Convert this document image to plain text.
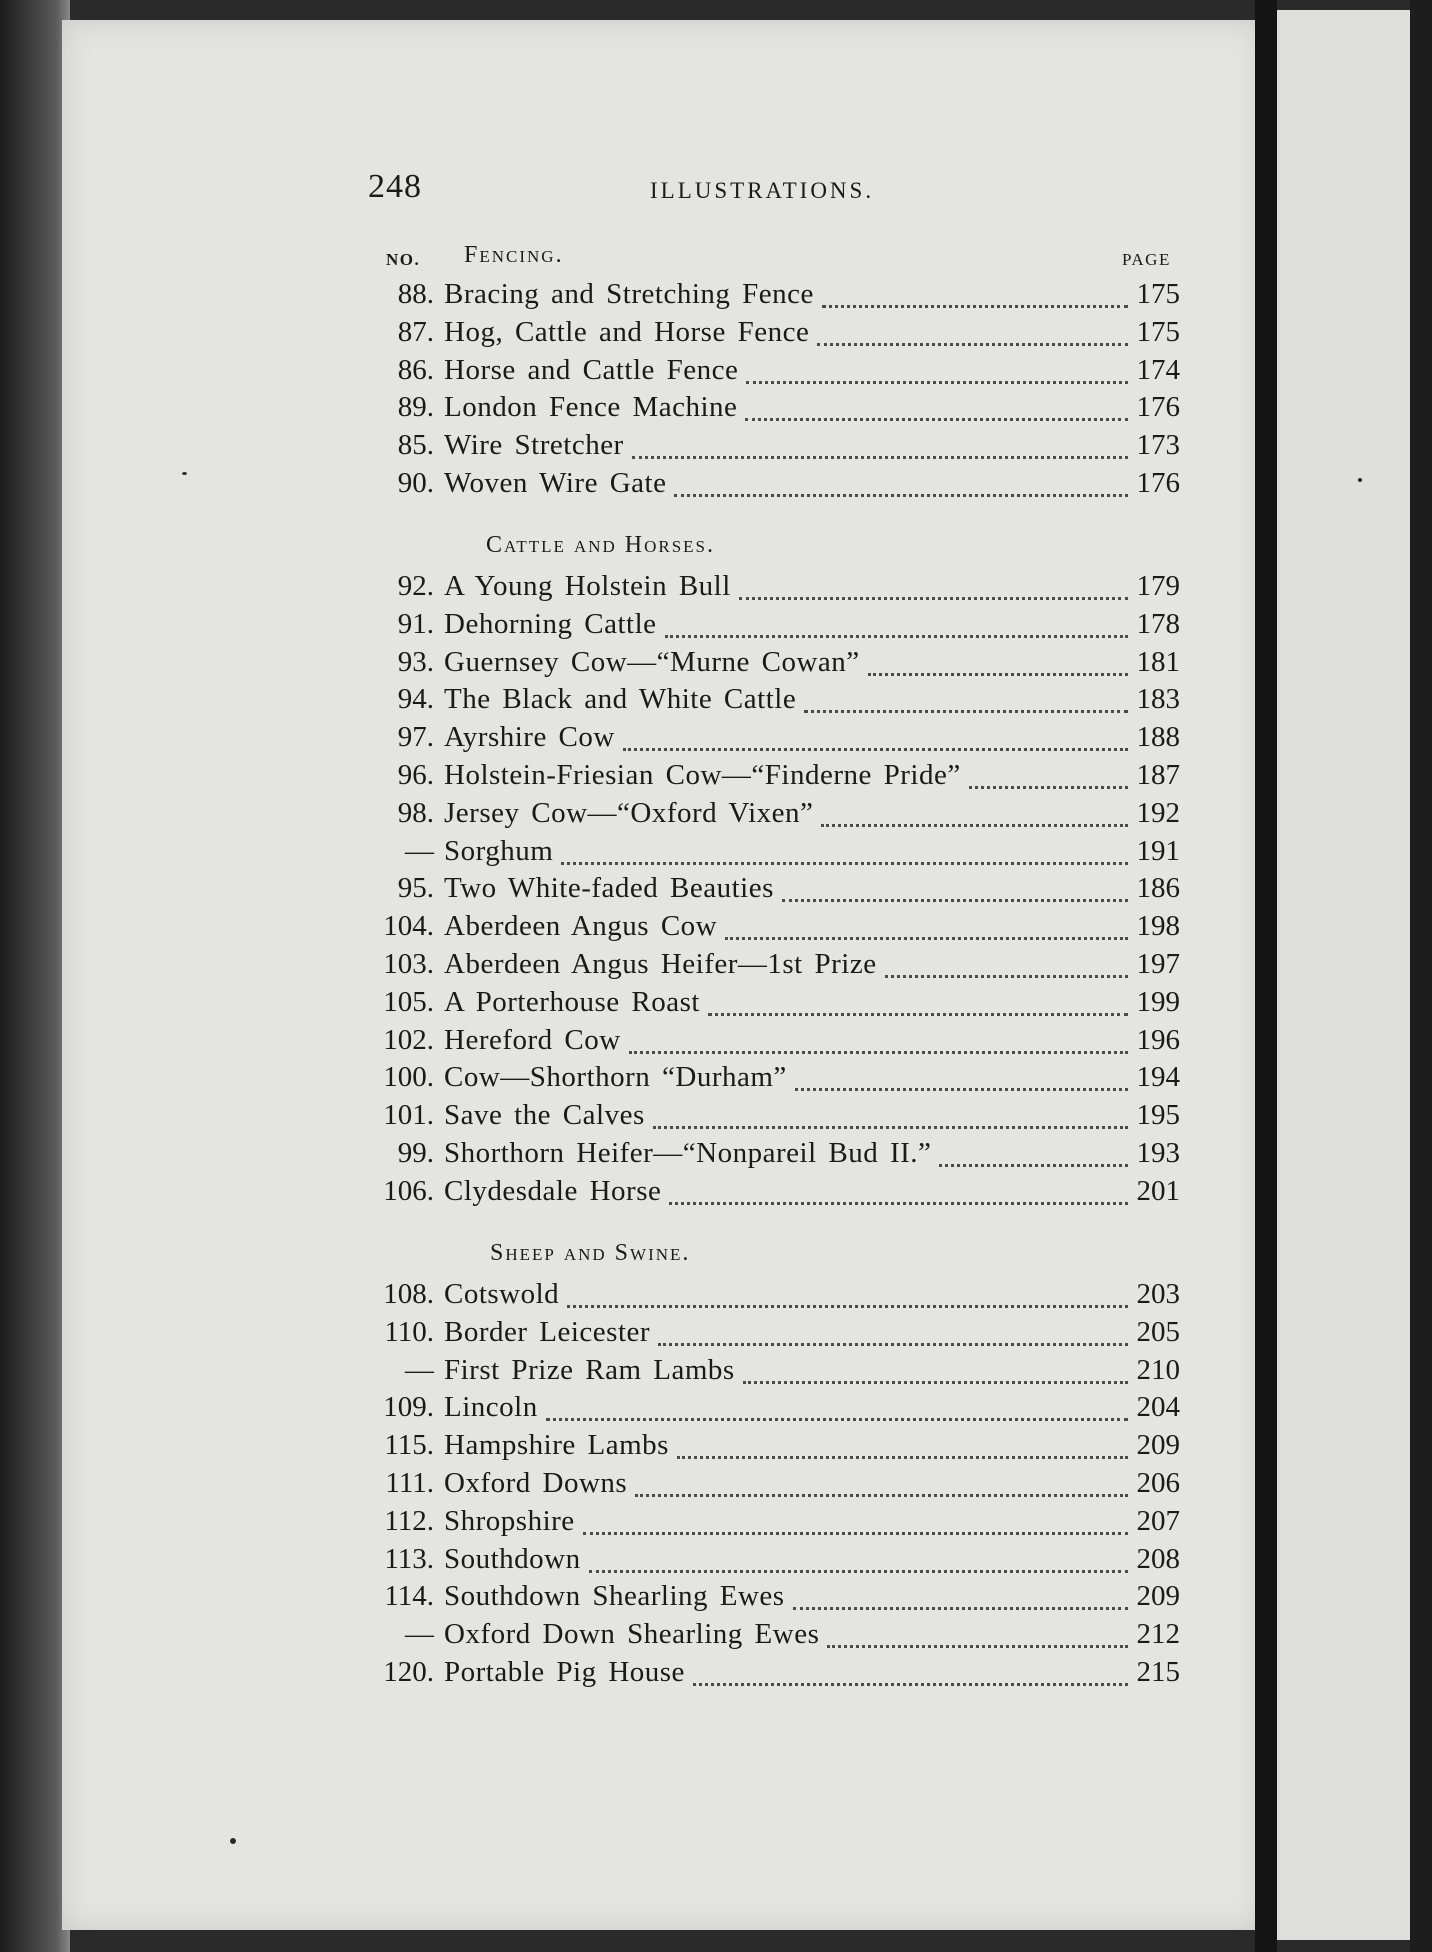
248	ILLUSTRATIONS.
NO.	PAGE
Fencing.
88. Bracing and Stretching Fence	175
87. Hog, Cattle and Horse Fence	175
86. Horse and Cattle Fence	174
89. London Fence Machine	176
85. Wire Stretcher	173
90. Woven Wire Gate	176
Cattle and Horses.
92. A Young Holstein Bull	179
91. Dehorning Cattle	178
93. Guernsey Cow—“Murne Cowan”	181
94. The Black and White Cattle	183
97. Ayrshire Cow	188
96. Holstein-Friesian Cow—“Finderne Pride”	187
98. Jersey Cow—“Oxford Vixen”	192
— Sorghum	191
95. Two White-faded Beauties	186
104. Aberdeen Angus Cow	198
103. Aberdeen Angus Heifer—1st Prize	197
105. A Porterhouse Roast	199
102. Hereford Cow	196
100. Cow—Shorthorn “Durham”	194
101. Save the Calves	195
99. Shorthorn Heifer—“Nonpareil Bud II.”	193
106. Clydesdale Horse	201
Sheep and Swine.
108. Cotswold	203
110. Border Leicester	205
— First Prize Ram Lambs	210
109. Lincoln	204
115. Hampshire Lambs	209
111. Oxford Downs	206
112. Shropshire	207
113. Southdown	208
114. Southdown Shearling Ewes	209
— Oxford Down Shearling Ewes	212
120. Portable Pig House	215
